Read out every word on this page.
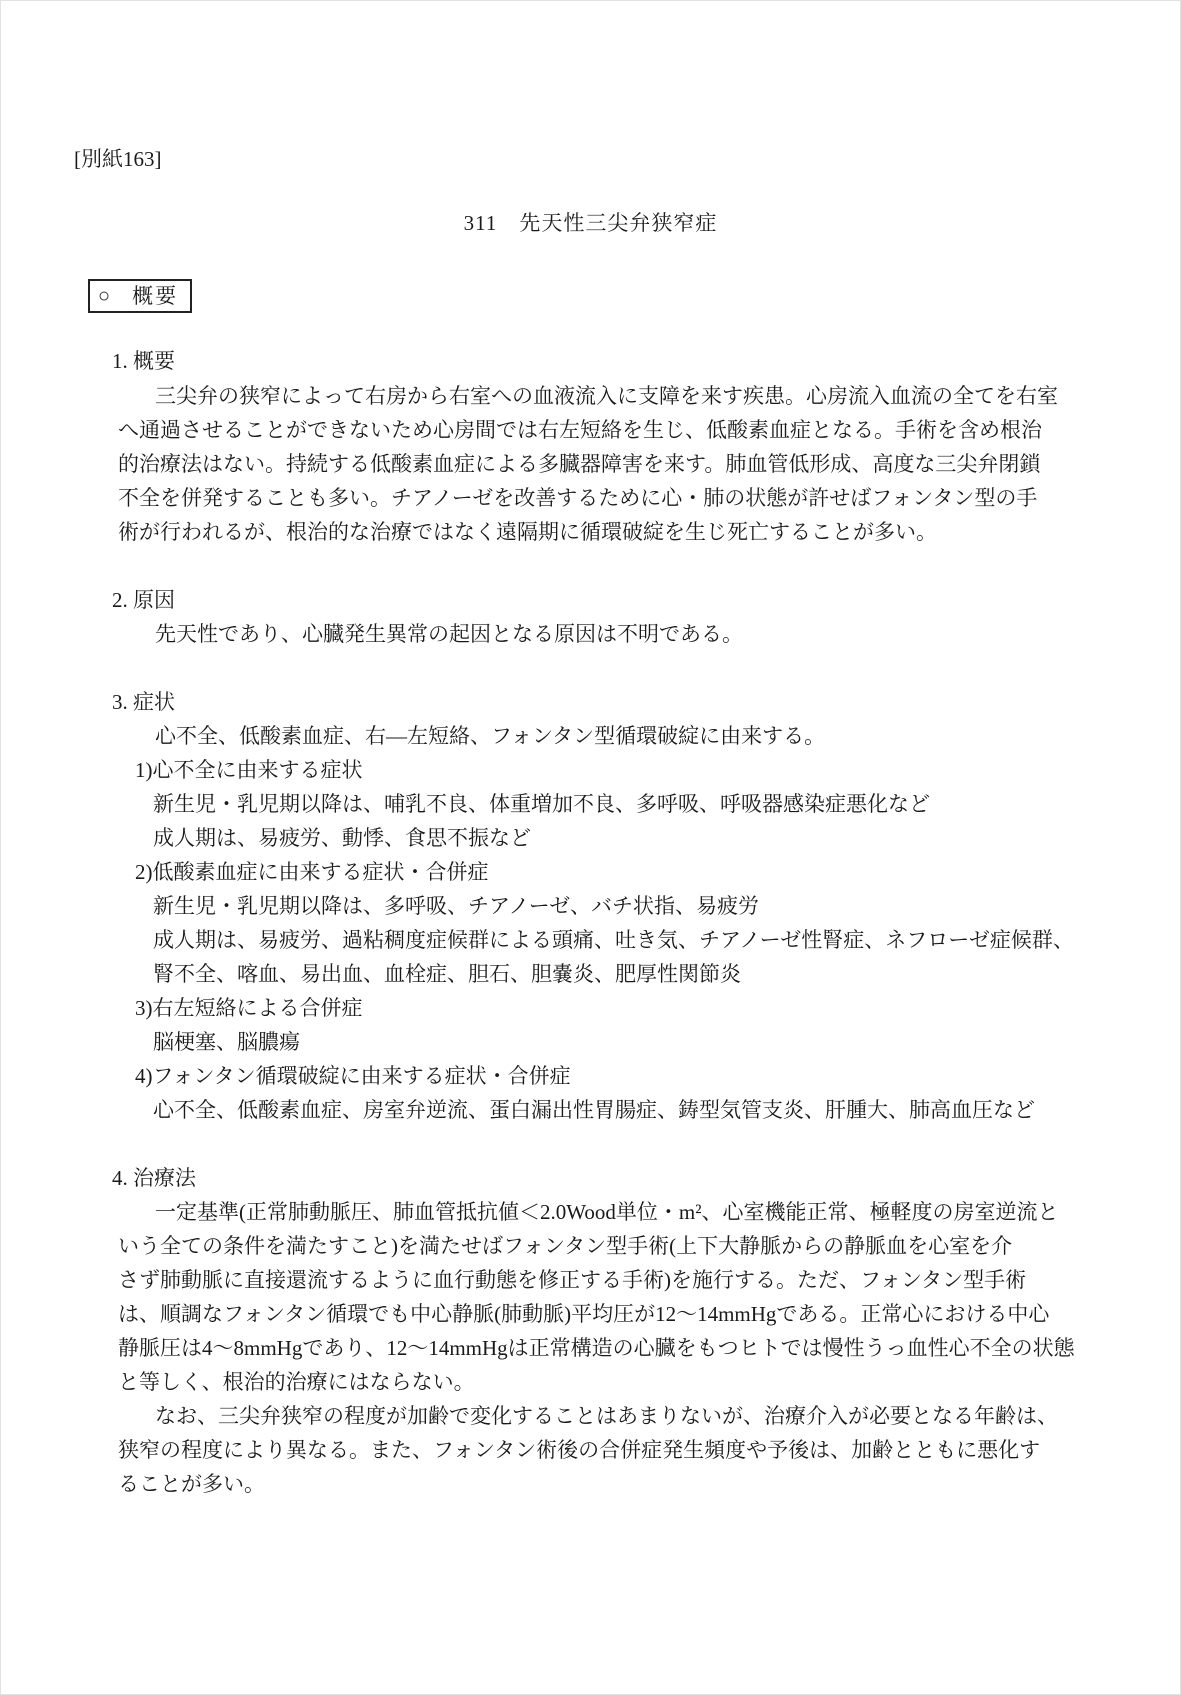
[別紙163]
311　先天性三尖弁狭窄症
○ 概要
1. 概要
三尖弁の狭窄によって右房から右室への血液流入に支障を来す疾患。心房流入血流の全てを右室
へ通過させることができないため心房間では右左短絡を生じ、低酸素血症となる。手術を含め根治
的治療法はない。持続する低酸素血症による多臓器障害を来す。肺血管低形成、高度な三尖弁閉鎖
不全を併発することも多い。チアノーゼを改善するために心・肺の状態が許せばフォンタン型の手
術が行われるが、根治的な治療ではなく遠隔期に循環破綻を生じ死亡することが多い。
2. 原因
先天性であり、心臓発生異常の起因となる原因は不明である。
3. 症状
心不全、低酸素血症、右―左短絡、フォンタン型循環破綻に由来する。
1)心不全に由来する症状
新生児・乳児期以降は、哺乳不良、体重増加不良、多呼吸、呼吸器感染症悪化など
成人期は、易疲労、動悸、食思不振など
2)低酸素血症に由来する症状・合併症
新生児・乳児期以降は、多呼吸、チアノーゼ、バチ状指、易疲労
成人期は、易疲労、過粘稠度症候群による頭痛、吐き気、チアノーゼ性腎症、ネフローゼ症候群、
腎不全、喀血、易出血、血栓症、胆石、胆嚢炎、肥厚性関節炎
3)右左短絡による合併症
脳梗塞、脳膿瘍
4)フォンタン循環破綻に由来する症状・合併症
心不全、低酸素血症、房室弁逆流、蛋白漏出性胃腸症、鋳型気管支炎、肝腫大、肺高血圧など
4. 治療法
一定基準(正常肺動脈圧、肺血管抵抗値＜2.0Wood単位・m²、心室機能正常、極軽度の房室逆流と
いう全ての条件を満たすこと)を満たせばフォンタン型手術(上下大静脈からの静脈血を心室を介
さず肺動脈に直接還流するように血行動態を修正する手術)を施行する。ただ、フォンタン型手術
は、順調なフォンタン循環でも中心静脈(肺動脈)平均圧が12〜14mmHgである。正常心における中心
静脈圧は4〜8mmHgであり、12〜14mmHgは正常構造の心臓をもつヒトでは慢性うっ血性心不全の状態
と等しく、根治的治療にはならない。
なお、三尖弁狭窄の程度が加齢で変化することはあまりないが、治療介入が必要となる年齢は、
狭窄の程度により異なる。また、フォンタン術後の合併症発生頻度や予後は、加齢とともに悪化す
ることが多い。
